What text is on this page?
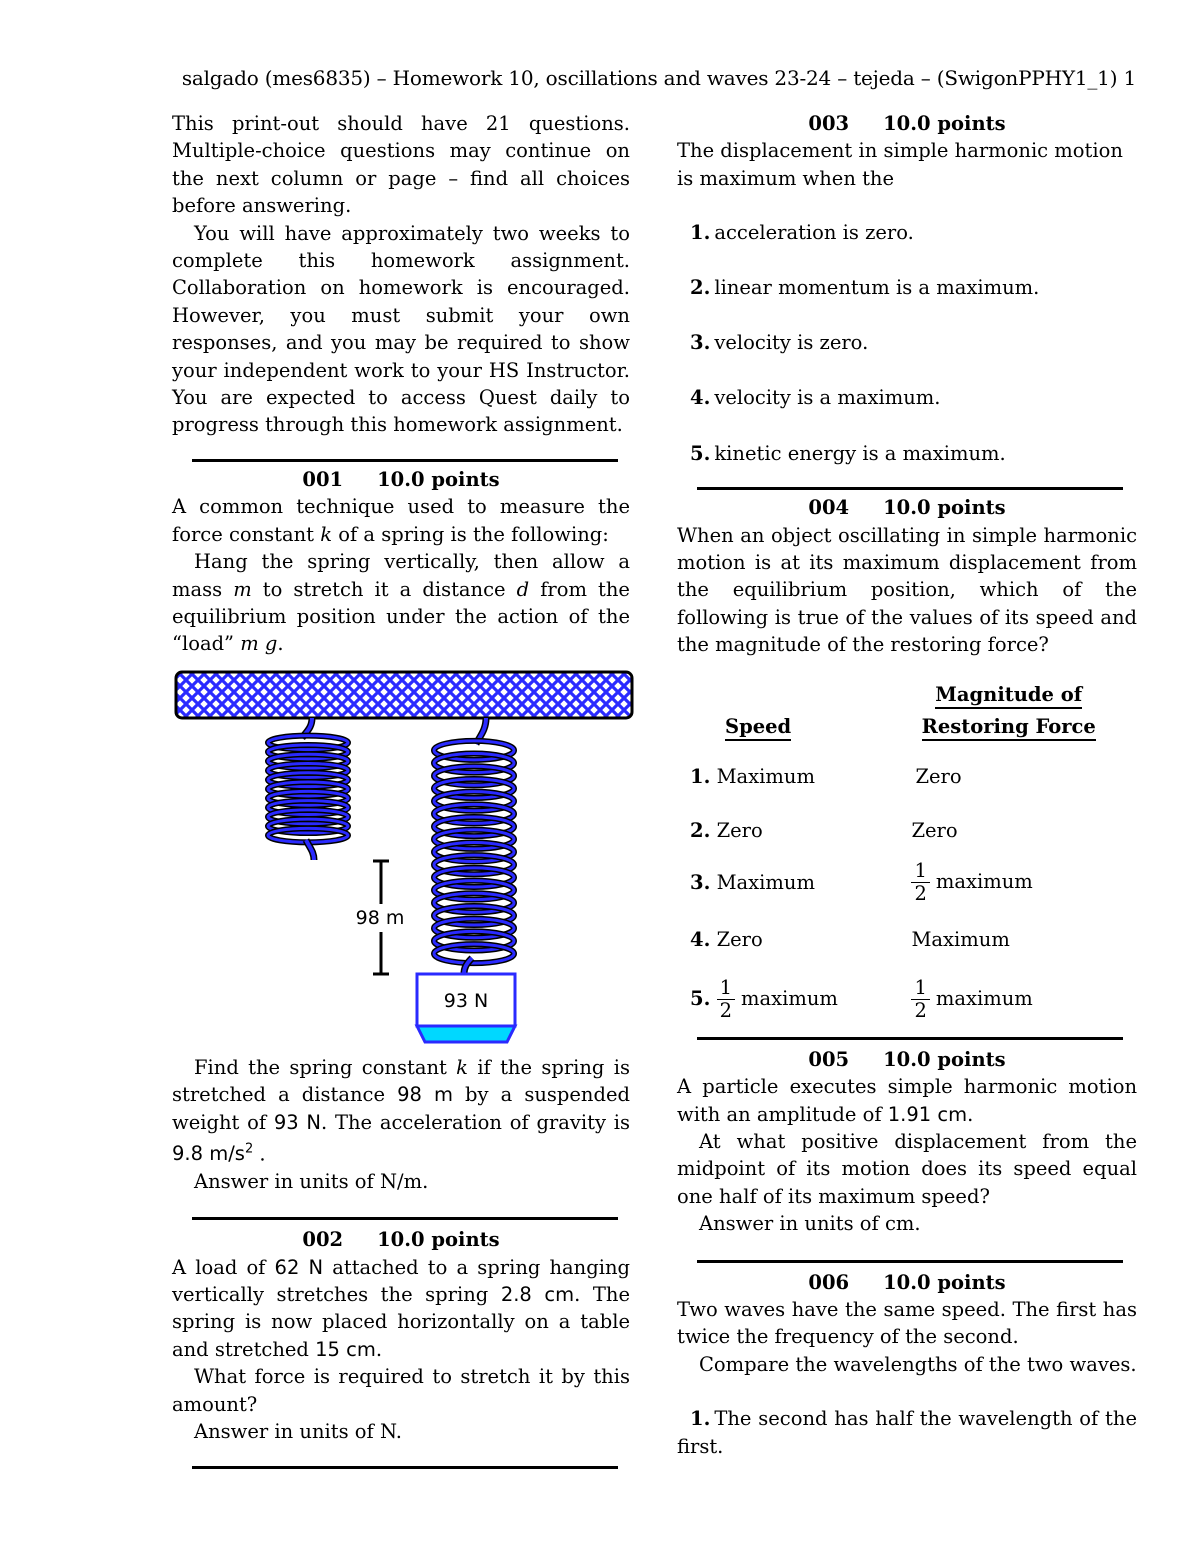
salgado (mes6835) – Homework 10, oscillations and waves 23-24 – tejeda – (SwigonPPHY1_1) 1

This print-out should have 21 questions. Multiple-choice questions may continue on the next column or page – find all choices before answering.

You will have approximately two weeks to complete this homework assignment. Collaboration on homework is encouraged. However, you must submit your own responses, and you may be required to show your independent work to your HS Instructor. You are expected to access Quest daily to progress through this homework assignment.

001 10.0 points

A common technique used to measure the force constant k of a spring is the following:

Hang the spring vertically, then allow a mass m to stretch it a distance d from the equilibrium position under the action of the “load” m g.

98 m
93 N

Find the spring constant k if the spring is stretched a distance 98 m by a suspended weight of 93 N. The acceleration of gravity is 9.8 $m/s^2$ .

Answer in units of N/m.

002 10.0 points

A load of 62 N attached to a spring hanging vertically stretches the spring 2.8 cm. The spring is now placed horizontally on a table and stretched 15 cm.

What force is required to stretch it by this amount?

Answer in units of N.

003 10.0 points

The displacement in simple harmonic motion is maximum when the

1. acceleration is zero.

2. linear momentum is a maximum.

3. velocity is zero.

4. velocity is a maximum.

5. kinetic energy is a maximum.

004 10.0 points

When an object oscillating in simple harmonic motion is at its maximum displacement from the equilibrium position, which of the following is true of the values of its speed and the magnitude of the restoring force?

	Magnitude of
Speed	Restoring Force
1. Maximum	Zero
2. Zero	Zero
3. Maximum	$\frac{1}{2}$ maximum
4. Zero	Maximum
5. $\frac{1}{2}$ maximum	$\frac{1}{2}$ maximum
005 10.0 points

A particle executes simple harmonic motion with an amplitude of 1.91 cm.

At what positive displacement from the midpoint of its motion does its speed equal one half of its maximum speed?

Answer in units of cm.

006 10.0 points

Two waves have the same speed. The first has twice the frequency of the second.

Compare the wavelengths of the two waves.

1. The second has half the wavelength of the first.
